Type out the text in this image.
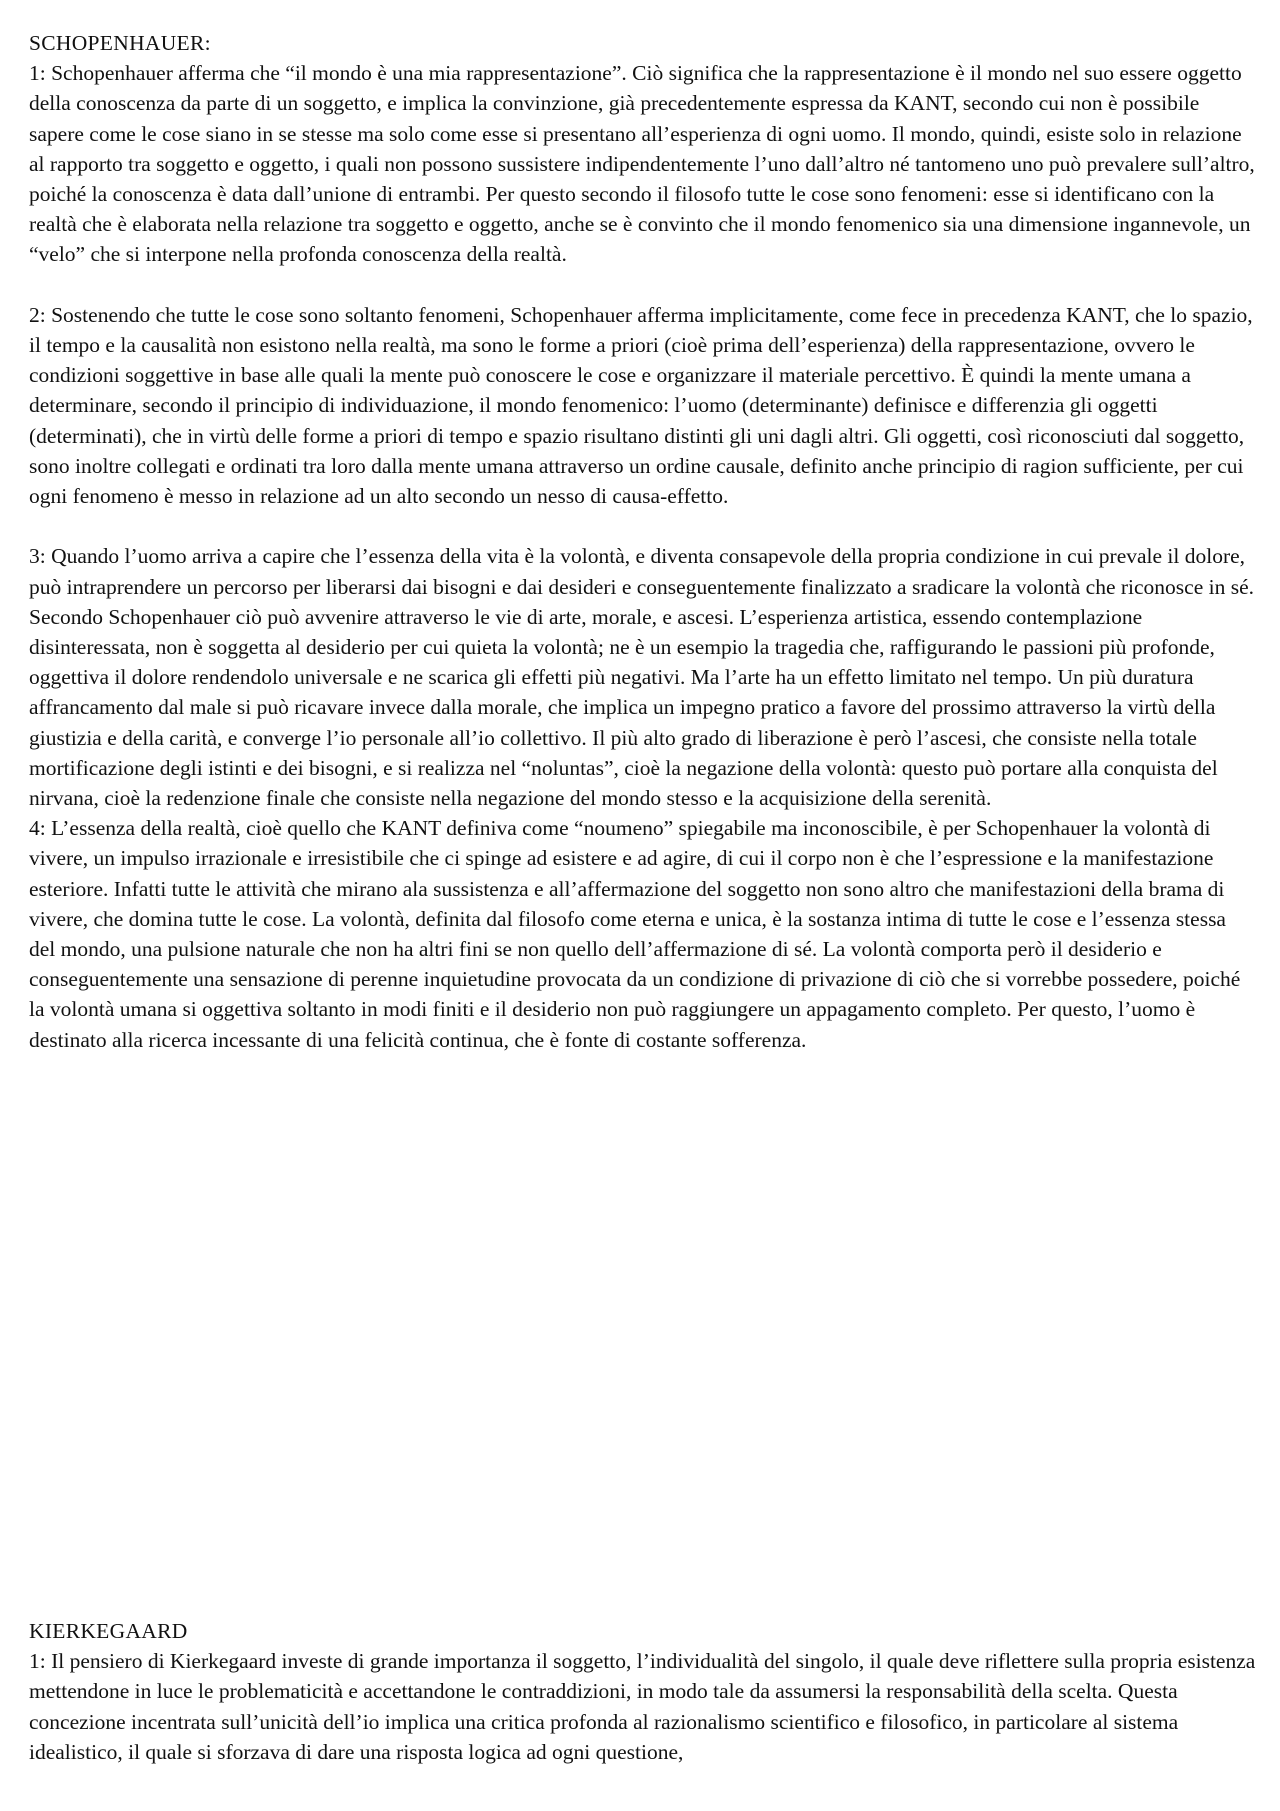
SCHOPENHAUER:

1: Schopenhauer afferma che “il mondo è una mia rappresentazione”. Ciò significa che la rappresentazione è il mondo nel suo essere oggetto della conoscenza da parte di un soggetto, e implica la convinzione, già precedentemente espressa da KANT, secondo cui non è possibile sapere come le cose siano in se stesse ma solo come esse si presentano all’esperienza di ogni uomo. Il mondo, quindi, esiste solo in relazione al rapporto tra soggetto e oggetto, i quali non possono sussistere indipendentemente l’uno dall’altro né tantomeno uno può prevalere sull’altro, poiché la conoscenza è data dall’unione di entrambi. Per questo secondo il filosofo tutte le cose sono fenomeni: esse si identificano con la realtà che è elaborata nella relazione tra soggetto e oggetto, anche se è convinto che il mondo fenomenico sia una dimensione ingannevole, un “velo” che si interpone nella profonda conoscenza della realtà.

2: Sostenendo che tutte le cose sono soltanto fenomeni, Schopenhauer afferma implicitamente, come fece in precedenza KANT, che lo spazio, il tempo e la causalità non esistono nella realtà, ma sono le forme a priori (cioè prima dell’esperienza) della rappresentazione, ovvero le condizioni soggettive in base alle quali la mente può conoscere le cose e organizzare il materiale percettivo. È quindi la mente umana a determinare, secondo il principio di individuazione, il mondo fenomenico: l’uomo (determinante) definisce e differenzia gli oggetti (determinati), che in virtù delle forme a priori di tempo e spazio risultano distinti gli uni dagli altri. Gli oggetti, così riconosciuti dal soggetto, sono inoltre collegati e ordinati tra loro dalla mente umana attraverso un ordine causale, definito anche principio di ragion sufficiente, per cui ogni fenomeno è messo in relazione ad un alto secondo un nesso di causa-effetto.

3: Quando l’uomo arriva a capire che l’essenza della vita è la volontà, e diventa consapevole della propria condizione in cui prevale il dolore, può intraprendere un percorso per liberarsi dai bisogni e dai desideri e conseguentemente finalizzato a sradicare la volontà che riconosce in sé. Secondo Schopenhauer ciò può avvenire attraverso le vie di arte, morale, e ascesi. L’esperienza artistica, essendo contemplazione disinteressata, non è soggetta al desiderio per cui quieta la volontà; ne è un esempio la tragedia che, raffigurando le passioni più profonde, oggettiva il dolore rendendolo universale e ne scarica gli effetti più negativi. Ma l’arte ha un effetto limitato nel tempo. Un più duratura affrancamento dal male si può ricavare invece dalla morale, che implica un impegno pratico a favore del prossimo attraverso la virtù della giustizia e della carità, e converge l’io personale all’io collettivo. Il più alto grado di liberazione è però l’ascesi, che consiste nella totale mortificazione degli istinti e dei bisogni, e si realizza nel “noluntas”, cioè la negazione della volontà: questo può portare alla conquista del nirvana, cioè la redenzione finale che consiste nella negazione del mondo stesso e la acquisizione della serenità.

4: L’essenza della realtà, cioè quello che KANT definiva come “noumeno” spiegabile ma inconoscibile, è per Schopenhauer la volontà di vivere, un impulso irrazionale e irresistibile che ci spinge ad esistere e ad agire, di cui il corpo non è che l’espressione e la manifestazione esteriore. Infatti tutte le attività che mirano ala sussistenza e all’affermazione del soggetto non sono altro che manifestazioni della brama di vivere, che domina tutte le cose. La volontà, definita dal filosofo come eterna e unica, è la sostanza intima di tutte le cose e l’essenza stessa del mondo, una pulsione naturale che non ha altri fini se non quello dell’affermazione di sé. La volontà comporta però il desiderio e conseguentemente una sensazione di perenne inquietudine provocata da un condizione di privazione di ciò che si vorrebbe possedere, poiché la volontà umana si oggettiva soltanto in modi finiti e il desiderio non può raggiungere un appagamento completo. Per questo, l’uomo è destinato alla ricerca incessante di una felicità continua, che è fonte di costante sofferenza.

KIERKEGAARD

1: Il pensiero di Kierkegaard investe di grande importanza il soggetto, l’individualità del singolo, il quale deve riflettere sulla propria esistenza mettendone in luce le problematicità e accettandone le contraddizioni, in modo tale da assumersi la responsabilità della scelta. Questa concezione incentrata sull’unicità dell’io implica una critica profonda al razionalismo scientifico e filosofico, in particolare al sistema idealistico, il quale si sforzava di dare una risposta logica ad ogni questione,
